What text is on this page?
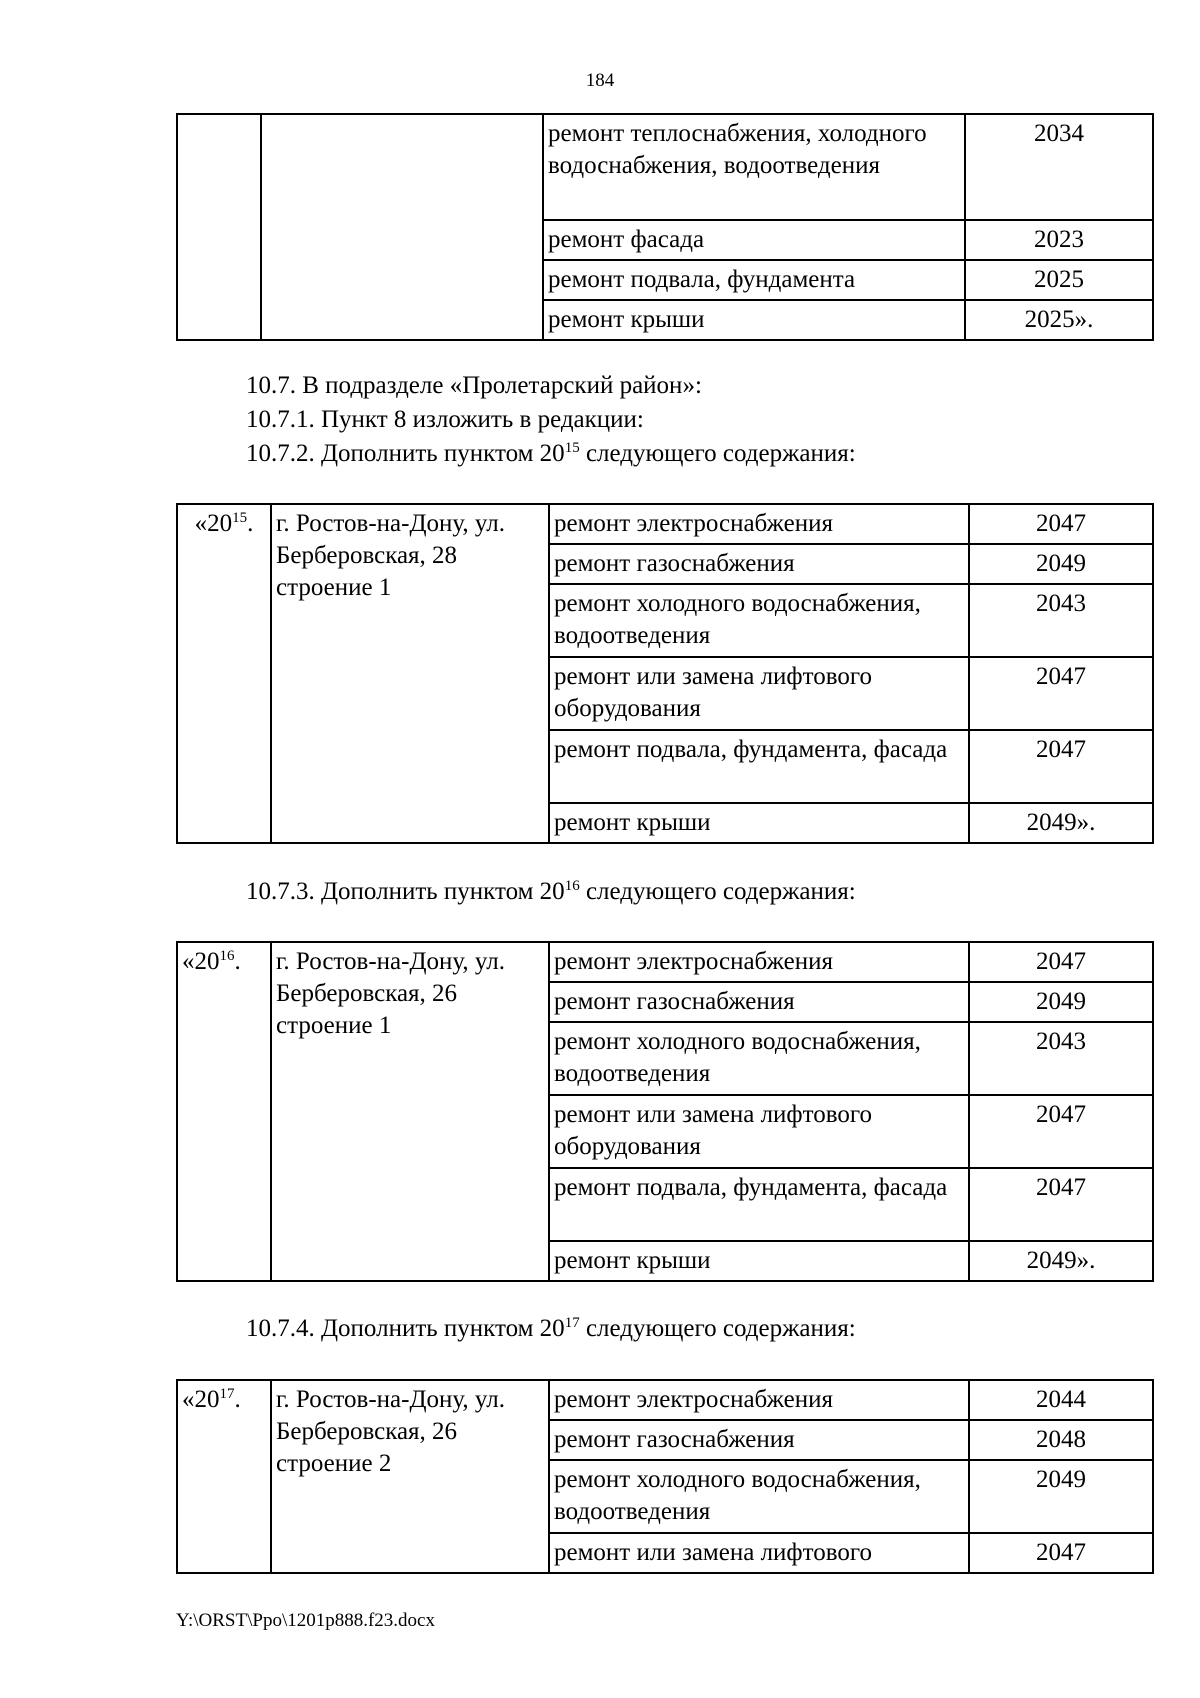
184
		ремонт теплоснабжения, холодного водоснабжения, водоотведения	2034
		ремонт фасада	2023
		ремонт подвала, фундамента	2025
		ремонт крыши	2025».
10.7. В подразделе «Пролетарский район»:
10.7.1. Пункт 8 изложить в редакции:
10.7.2. Дополнить пунктом $20^{15}$ следующего содержания:
«$20^{15}$.	г. Ростов-на-Дону, ул. Берберовская, 28 строение 1	ремонт электроснабжения	2047
		ремонт газоснабжения	2049
		ремонт холодного водоснабжения, водоотведения	2043
		ремонт или замена лифтового оборудования	2047
		ремонт подвала, фундамента, фасада	2047
		ремонт крыши	2049».
10.7.3. Дополнить пунктом $20^{16}$ следующего содержания:
«$20^{16}$.	г. Ростов-на-Дону, ул. Берберовская, 26 строение 1	ремонт электроснабжения	2047
		ремонт газоснабжения	2049
		ремонт холодного водоснабжения, водоотведения	2043
		ремонт или замена лифтового оборудования	2047
		ремонт подвала, фундамента, фасада	2047
		ремонт крыши	2049».
10.7.4. Дополнить пунктом $20^{17}$ следующего содержания:
«$20^{17}$.	г. Ростов-на-Дону, ул. Берберовская, 26 строение 2	ремонт электроснабжения	2044
		ремонт газоснабжения	2048
		ремонт холодного водоснабжения, водоотведения	2049
		ремонт или замена лифтового	2047
Y:\ORST\Ppo\1201p888.f23.docx
